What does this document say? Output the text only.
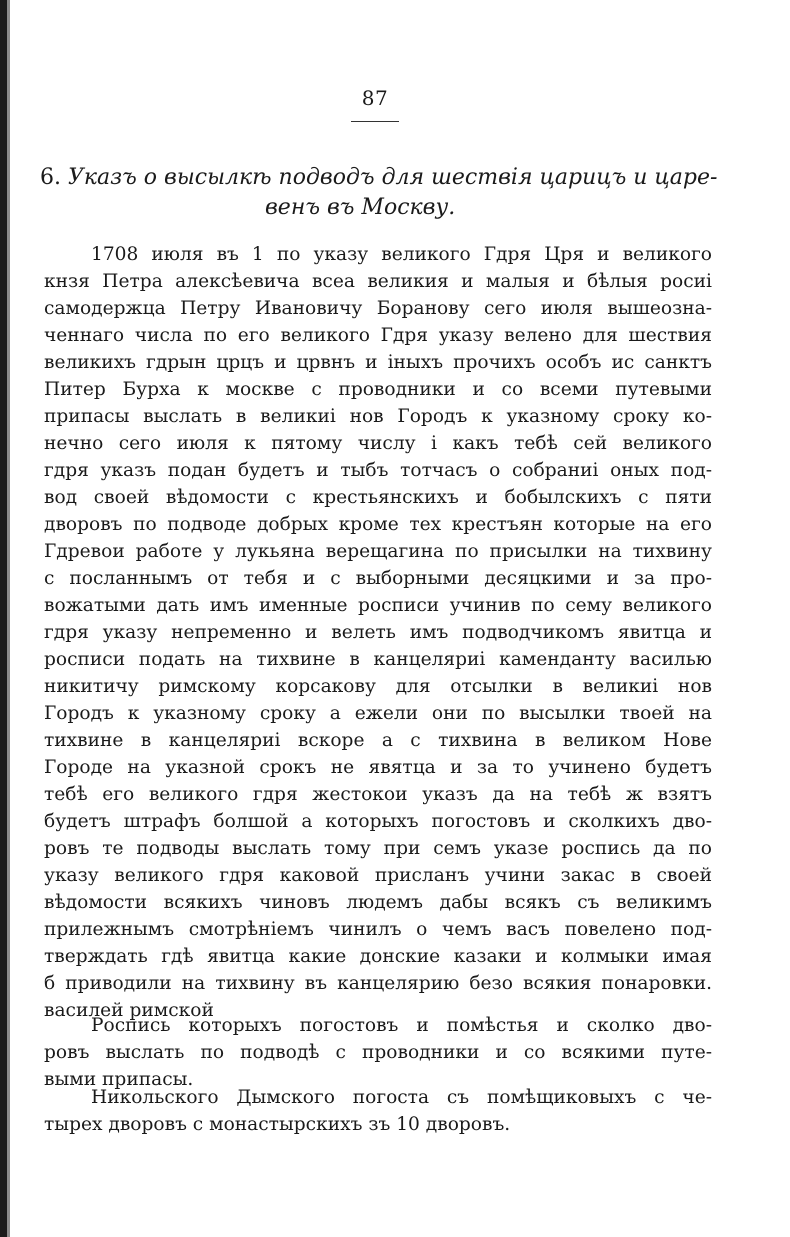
87
6. Указъ о высылкѣ подводъ для шествія царицъ и царе-
венъ въ Москву.
1708 июля въ 1 по указу великого Гдря Цря и великого
кнзя Петра алексѣевича всеа великия и малыя и бѣлыя росиі
самодержца Петру Ивановичу Боранову сего июля вышеозна-
ченнаго числа по его великого Гдря указу велено для шествия
великихъ гдрын црцъ и црвнъ и іныхъ прочихъ особъ ис санктъ
Питер Бурха к москве с проводники и со всеми путевыми
припасы выслать в великиі нов Городъ к указному сроку ко-
нечно сего июля к пятому числу і какъ тебѣ сей великого
гдря указъ подан будетъ и тыбъ тотчасъ о собраниі оных под-
вод своей вѣдомости с крестьянскихъ и бобылскихъ с пяти
дворовъ по подводе добрых кроме тех крестъян которые на его
Гдревои работе у лукьяна верещагина по присылки на тихвину
с посланнымъ от тебя и с выборными десяцкими и за про-
вожатыми дать имъ именные росписи учинив по сему великого
гдря указу непременно и велеть имъ подводчикомъ явитца и
росписи подать на тихвине в канцеляриі каменданту василью
никитичу римскому корсакову для отсылки в великиі нов
Городъ к указному сроку а ежели они по высылки твоей на
тихвине в канцеляриі вскоре а с тихвина в великом Нове
Городе на указной срокъ не явятца и за то учинено будетъ
тебѣ его великого гдря жестокои указъ да на тебѣ ж взятъ
будетъ штрафъ болшой а которыхъ погостовъ и сколкихъ дво-
ровъ те подводы выслать тому при семъ указе роспись да по
указу великого гдря каковой присланъ учини закас в своей
вѣдомости всякихъ чиновъ людемъ дабы всякъ съ великимъ
прилежнымъ смотрѣніемъ чинилъ о чемъ васъ повелено под-
тверждать гдѣ явитца какие донские казаки и колмыки имая
б приводили на тихвину въ канцелярию безо всякия понаровки.
василей римской
Роспись которыхъ погостовъ и помѣстья и сколко дво-
ровъ выслать по подводѣ с проводники и со всякими путе-
выми припасы.
Никольского Дымского погоста съ помѣщиковыхъ с че-
тырех дворовъ с монастырскихъ зъ 10 дворовъ.
